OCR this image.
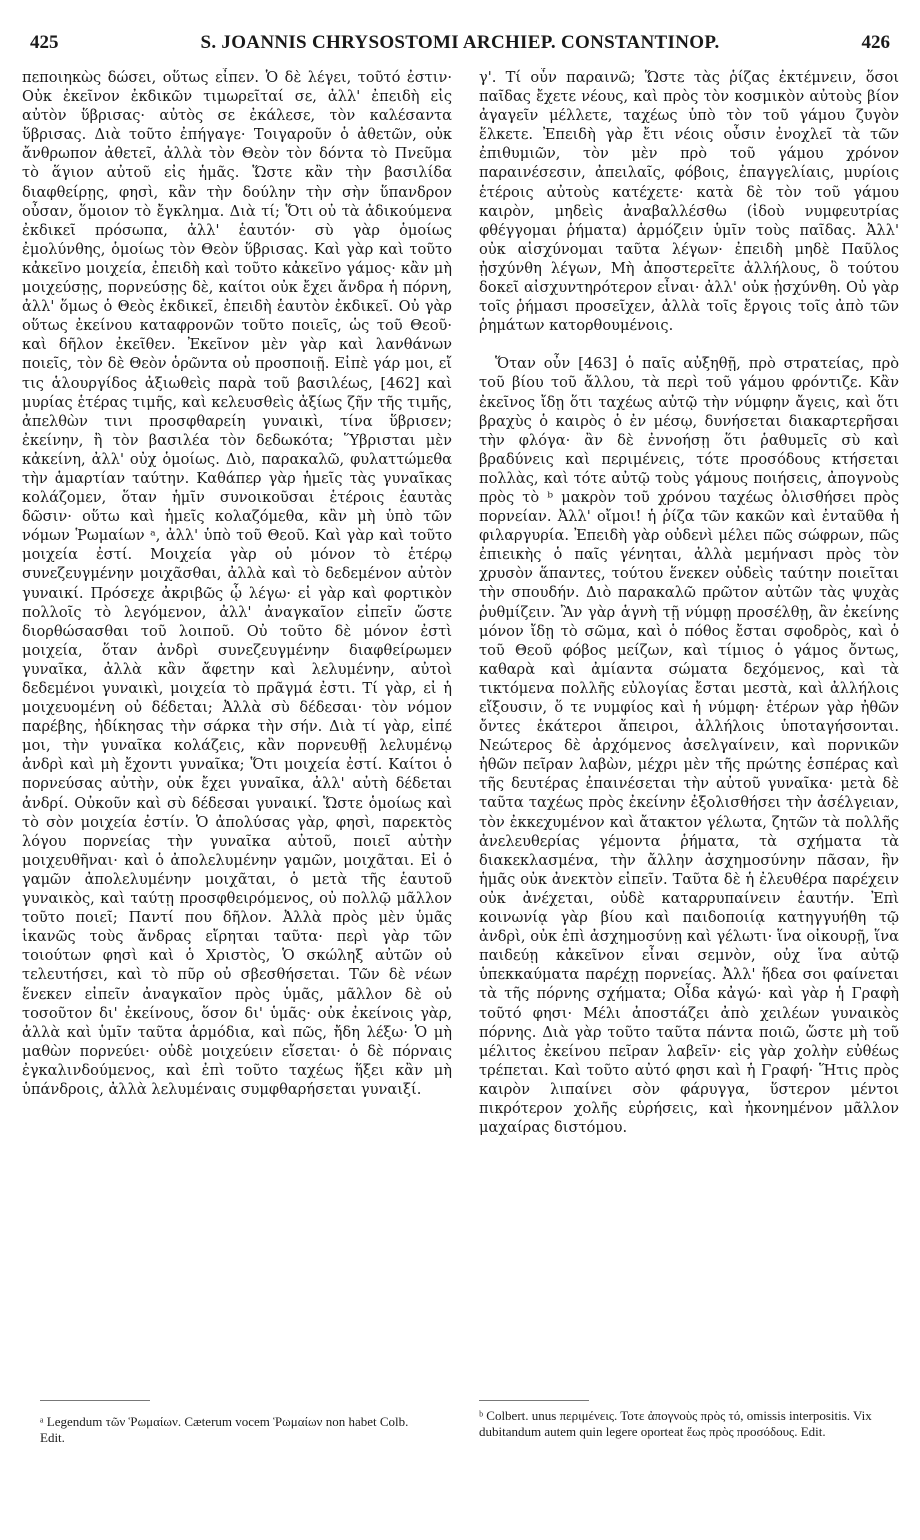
425	S. JOANNIS CHRYSOSTOMI ARCHIEP. CONSTANTINOP.	426

πεποιηκὼς δώσει, οὕτως εἶπεν. Ὁ δὲ λέγει, τοῦτό ἐστιν· Οὐκ ἐκεῖνον ἐκδικῶν τιμωρεῖταί σε, ἀλλ' ἐπειδὴ εἰς αὐτὸν ὕβρισας· αὐτὸς σε ἐκάλεσε, τὸν καλέσαντα ὕβρισας. Διὰ τοῦτο ἐπήγαγε· Τοιγαροῦν ὁ ἀθετῶν, οὐκ ἄνθρωπον ἀθετεῖ, ἀλλὰ τὸν Θεὸν τὸν δόντα τὸ Πνεῦμα τὸ ἅγιον αὐτοῦ εἰς ἡμᾶς. Ὥστε κἂν τὴν βασιλίδα διαφθείρῃς, φησὶ, κἂν τὴν δούλην τὴν σὴν ὕπανδρον οὖσαν, ὅμοιον τὸ ἔγκλημα. Διὰ τί; Ὅτι οὐ τὰ ἀδικούμενα ἐκδικεῖ πρόσωπα, ἀλλ' ἑαυτόν· σὺ γὰρ ὁμοίως ἐμολύνθης, ὁμοίως τὸν Θεὸν ὕβρισας. Καὶ γὰρ καὶ τοῦτο κἀκεῖνο μοιχεία, ἐπειδὴ καὶ τοῦτο κἀκεῖνο γάμος· κἂν μὴ μοιχεύσῃς, πορνεύσῃς δὲ, καίτοι οὐκ ἔχει ἄνδρα ἡ πόρνη, ἀλλ' ὅμως ὁ Θεὸς ἐκδικεῖ, ἐπειδὴ ἑαυτὸν ἐκδικεῖ. Οὐ γὰρ οὕτως ἐκείνου καταφρονῶν τοῦτο ποιεῖς, ὡς τοῦ Θεοῦ· καὶ δῆλον ἐκεῖθεν. Ἐκεῖνον μὲν γὰρ καὶ λανθάνων ποιεῖς, τὸν δὲ Θεὸν ὁρῶντα οὐ προσποιῇ. Εἰπὲ γάρ μοι, εἴ τις ἁλουργίδος ἀξιωθεὶς παρὰ τοῦ βασιλέως, [462] καὶ μυρίας ἑτέρας τιμῆς, καὶ κελευσθεὶς ἀξίως ζῆν τῆς τιμῆς, ἀπελθὼν τινι προσφθαρείη γυναικὶ, τίνα ὕβρισεν; ἐκείνην, ἢ τὸν βασιλέα τὸν δεδωκότα; Ὕβρισται μὲν κἀκείνη, ἀλλ' οὐχ ὁμοίως. Διὸ, παρακαλῶ, φυλαττώμεθα τὴν ἁμαρτίαν ταύτην. Καθάπερ γὰρ ἡμεῖς τὰς γυναῖκας κολάζομεν, ὅταν ἡμῖν συνοικοῦσαι ἑτέροις ἑαυτὰς δῶσιν· οὕτω καὶ ἡμεῖς κολαζόμεθα, κἂν μὴ ὑπὸ τῶν νόμων Ῥωμαίων ᵃ, ἀλλ' ὑπὸ τοῦ Θεοῦ. Καὶ γὰρ καὶ τοῦτο μοιχεία ἐστί. Μοιχεία γὰρ οὐ μόνον τὸ ἑτέρῳ συνεζευγμένην μοιχᾶσθαι, ἀλλὰ καὶ τὸ δεδεμένον αὐτὸν γυναικί. Πρόσεχε ἀκριβῶς ᾧ λέγω· εἰ γὰρ καὶ φορτικὸν πολλοῖς τὸ λεγόμενον, ἀλλ' ἀναγκαῖον εἰπεῖν ὥστε διορθώσασθαι τοῦ λοιποῦ. Οὐ τοῦτο δὲ μόνον ἐστὶ μοιχεία, ὅταν ἀνδρὶ συνεζευγμένην διαφθείρωμεν γυναῖκα, ἀλλὰ κἂν ἄφετην καὶ λελυμένην, αὐτοὶ δεδεμένοι γυναικὶ, μοιχεία τὸ πρᾶγμά ἐστι. Τί γὰρ, εἰ ἡ μοιχευομένη οὐ δέδεται; Ἀλλὰ σὺ δέδεσαι· τὸν νόμον παρέβης, ἠδίκησας τὴν σάρκα τὴν σήν. Διὰ τί γὰρ, εἰπέ μοι, τὴν γυναῖκα κολάζεις, κἂν πορνευθῇ λελυμένῳ ἀνδρὶ καὶ μὴ ἔχοντι γυναῖκα; Ὅτι μοιχεία ἐστί. Καίτοι ὁ πορνεύσας αὐτὴν, οὐκ ἔχει γυναῖκα, ἀλλ' αὐτὴ δέδεται ἀνδρί. Οὐκοῦν καὶ σὺ δέδεσαι γυναικί. Ὥστε ὁμοίως καὶ τὸ σὸν μοιχεία ἐστίν. Ὁ ἀπολύσας γὰρ, φησὶ, παρεκτὸς λόγου πορνείας τὴν γυναῖκα αὐτοῦ, ποιεῖ αὐτὴν μοιχευθῆναι· καὶ ὁ ἀπολελυμένην γαμῶν, μοιχᾶται. Εἰ ὁ γαμῶν ἀπολελυμένην μοιχᾶται, ὁ μετὰ τῆς ἑαυτοῦ γυναικὸς, καὶ ταύτῃ προσφθειρόμενος, οὐ πολλῷ μᾶλλον τοῦτο ποιεῖ; Παντί που δῆλον. Ἀλλὰ πρὸς μὲν ὑμᾶς ἱκανῶς τοὺς ἄνδρας εἴρηται ταῦτα· περὶ γὰρ τῶν τοιούτων φησὶ καὶ ὁ Χριστὸς, Ὁ σκώληξ αὐτῶν οὐ τελευτήσει, καὶ τὸ πῦρ οὐ σβεσθήσεται. Τῶν δὲ νέων ἕνεκεν εἰπεῖν ἀναγκαῖον πρὸς ὑμᾶς, μᾶλλον δὲ οὐ τοσοῦτον δι' ἐκείνους, ὅσον δι' ὑμᾶς· οὐκ ἐκείνοις γὰρ, ἀλλὰ καὶ ὑμῖν ταῦτα ἁρμόδια, καὶ πῶς, ἤδη λέξω· Ὁ μὴ μαθὼν πορνεύει· οὐδὲ μοιχεύειν εἴσεται· ὁ δὲ πόρναις ἐγκαλινδούμενος, καὶ ἐπὶ τοῦτο ταχέως ἥξει κἂν μὴ ὑπάνδροις, ἀλλὰ λελυμέναις συμφθαρήσεται γυναιξί.

γ'. Τί οὖν παραινῶ; Ὥστε τὰς ῥίζας ἐκτέμνειν, ὅσοι παῖδας ἔχετε νέους, καὶ πρὸς τὸν κοσμικὸν αὐτοὺς βίον ἀγαγεῖν μέλλετε, ταχέως ὑπὸ τὸν τοῦ γάμου ζυγὸν ἕλκετε. Ἐπειδὴ γὰρ ἔτι νέοις οὖσιν ἐνοχλεῖ τὰ τῶν ἐπιθυμιῶν, τὸν μὲν πρὸ τοῦ γάμου χρόνον παραινέσεσιν, ἀπειλαῖς, φόβοις, ἐπαγγελίαις, μυρίοις ἑτέροις αὐτοὺς κατέχετε· κατὰ δὲ τὸν τοῦ γάμου καιρὸν, μηδεὶς ἀναβαλλέσθω (ἰδοὺ νυμφευτρίας φθέγγομαι ῥήματα) ἁρμόζειν ὑμῖν τοὺς παῖδας. Ἀλλ' οὐκ αἰσχύνομαι ταῦτα λέγων· ἐπειδὴ μηδὲ Παῦλος ᾐσχύνθη λέγων, Μὴ ἀποστερεῖτε ἀλλήλους, ὃ τούτου δοκεῖ αἰσχυντηρότερον εἶναι· ἀλλ' οὐκ ᾐσχύνθη. Οὐ γὰρ τοῖς ῥήμασι προσεῖχεν, ἀλλὰ τοῖς ἔργοις τοῖς ἀπὸ τῶν ῥημάτων κατορθουμένοις.

Ὅταν οὖν [463] ὁ παῖς αὐξηθῇ, πρὸ στρατείας, πρὸ τοῦ βίου τοῦ ἄλλου, τὰ περὶ τοῦ γάμου φρόντιζε. Κἂν ἐκεῖνος ἴδῃ ὅτι ταχέως αὐτῷ τὴν νύμφην ἄγεις, καὶ ὅτι βραχὺς ὁ καιρὸς ὁ ἐν μέσῳ, δυνήσεται διακαρτερῆσαι τὴν φλόγα· ἂν δὲ ἐννοήσῃ ὅτι ῥαθυμεῖς σὺ καὶ βραδύνεις καὶ περιμένεις, τότε προσόδους κτήσεται πολλὰς, καὶ τότε αὐτῷ τοὺς γάμους ποιήσεις, ἀπογνοὺς πρὸς τὸ ᵇ μακρὸν τοῦ χρόνου ταχέως ὀλισθήσει πρὸς πορνείαν. Ἀλλ' οἴμοι! ἡ ῥίζα τῶν κακῶν καὶ ἐνταῦθα ἡ φιλαργυρία. Ἐπειδὴ γὰρ οὐδενὶ μέλει πῶς σώφρων, πῶς ἐπιεικὴς ὁ παῖς γένηται, ἀλλὰ μεμήνασι πρὸς τὸν χρυσὸν ἅπαντες, τούτου ἕνεκεν οὐδεὶς ταύτην ποιεῖται τὴν σπουδήν. Διὸ παρακαλῶ πρῶτον αὐτῶν τὰς ψυχὰς ῥυθμίζειν. Ἂν γὰρ ἁγνὴ τῇ νύμφῃ προσέλθῃ, ἂν ἐκείνης μόνον ἴδῃ τὸ σῶμα, καὶ ὁ πόθος ἔσται σφοδρὸς, καὶ ὁ τοῦ Θεοῦ φόβος μείζων, καὶ τίμιος ὁ γάμος ὄντως, καθαρὰ καὶ ἀμίαντα σώματα δεχόμενος, καὶ τὰ τικτόμενα πολλῆς εὐλογίας ἔσται μεστὰ, καὶ ἀλλήλοις εἴξουσιν, ὅ τε νυμφίος καὶ ἡ νύμφη· ἑτέρων γὰρ ἠθῶν ὄντες ἑκάτεροι ἄπειροι, ἀλλήλοις ὑποταγήσονται. Νεώτερος δὲ ἀρχόμενος ἀσελγαίνειν, καὶ πορνικῶν ἠθῶν πεῖραν λαβὼν, μέχρι μὲν τῆς πρώτης ἑσπέρας καὶ τῆς δευτέρας ἐπαινέσεται τὴν αὐτοῦ γυναῖκα· μετὰ δὲ ταῦτα ταχέως πρὸς ἐκείνην ἐξολισθήσει τὴν ἀσέλγειαν, τὸν ἐκκεχυμένον καὶ ἄτακτον γέλωτα, ζητῶν τὰ πολλῆς ἀνελευθερίας γέμοντα ῥήματα, τὰ σχήματα τὰ διακεκλασμένα, τὴν ἄλλην ἀσχημοσύνην πᾶσαν, ἣν ἡμᾶς οὐκ ἀνεκτὸν εἰπεῖν. Ταῦτα δὲ ἡ ἐλευθέρα παρέχειν οὐκ ἀνέχεται, οὐδὲ καταρρυπαίνειν ἑαυτήν. Ἐπὶ κοινωνίᾳ γὰρ βίου καὶ παιδοποιίᾳ κατηγγυήθη τῷ ἀνδρὶ, οὐκ ἐπὶ ἀσχημοσύνῃ καὶ γέλωτι· ἵνα οἰκουρῇ, ἵνα παιδεύῃ κἀκεῖνον εἶναι σεμνὸν, οὐχ ἵνα αὐτῷ ὑπεκκαύματα παρέχῃ πορνείας. Ἀλλ' ἥδεα σοι φαίνεται τὰ τῆς πόρνης σχήματα; Οἶδα κἀγώ· καὶ γὰρ ἡ Γραφὴ τοῦτό φησι· Μέλι ἀποστάζει ἀπὸ χειλέων γυναικὸς πόρνης. Διὰ γὰρ τοῦτο ταῦτα πάντα ποιῶ, ὥστε μὴ τοῦ μέλιτος ἐκείνου πεῖραν λαβεῖν· εἰς γὰρ χολὴν εὐθέως τρέπεται. Καὶ τοῦτο αὐτό φησι καὶ ἡ Γραφή· Ἥτις πρὸς καιρὸν λιπαίνει σὸν φάρυγγα, ὕστερον μέντοι πικρότερον χολῆς εὑρήσεις, καὶ ἠκονημένον μᾶλλον μαχαίρας διστόμου.

ᵃ Legendum τῶν Ῥωμαίων. Cæterum vocem Ῥωμαίων non habet Colb. Edit.
ᵇ Colbert. unus περιμένεις. Τοτε ἀπογνοὺς πρὸς τό, omissis interpositis. Vix dubitandum autem quin legere oporteat ἕως πρὸς προσόδους. Edit.
